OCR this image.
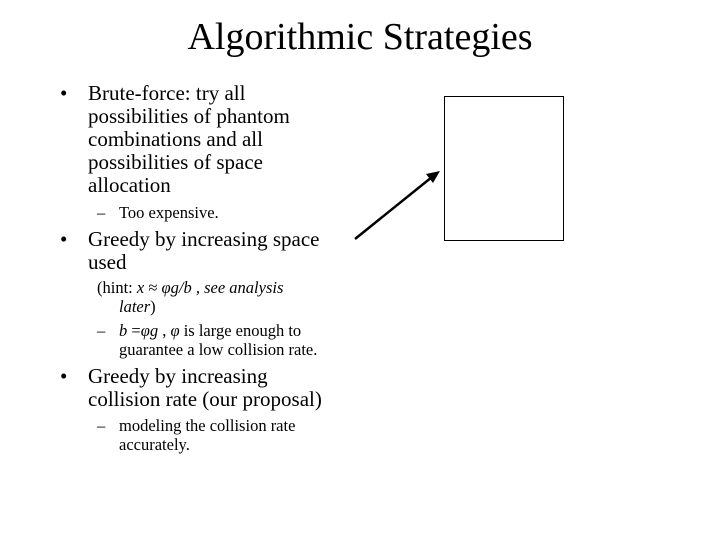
Algorithmic Strategies
• Brute-force: try all
possibilities of phantom
combinations and all
possibilities of space
allocation
– Too expensive.
• Greedy by increasing space
used
(hint: x ≈ φg/b , see analysis
later)
– b =φg , φ is large enough to
guarantee a low collision rate.
• Greedy by increasing
collision rate (our proposal)
– modeling the collision rate
accurately.
